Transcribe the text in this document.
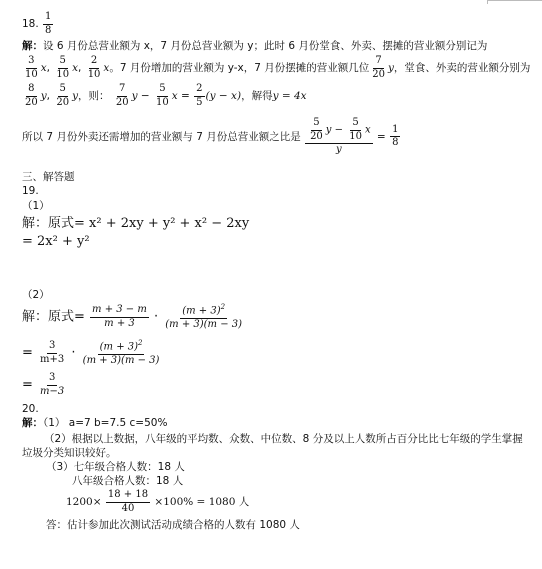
18. $\frac{1}{8}$
解：设 6 月份总营业额为 x，7 月份总营业额为 y；此时 6 月份堂食、外卖、摆摊的营业额分别记为
$\frac{3}{10} x$, $\frac{5}{10} x$, $\frac{2}{10}$ x。7 月份增加的营业额为 y-x，7 月份摆摊的营业额几位 $\frac{7}{20}$ y，堂食、外卖的营业额分别为
$\frac{8}{20} y$, $\frac{5}{20}$ y，则： $\frac{7}{20}$ $y - \frac{5}{10}$ $x = \frac{2}{5} (y - x)$，解得y = 4x
所以 7 月份外卖还需增加的营业额与 7 月份总营业额之比是 $\frac{\frac{5}{20} y - \frac{5}{10} x}{y} = \frac{1}{8}$
三、解答题
19.
（1）
解：原式= x² + 2xy + y² + x² − 2xy
= 2x² + y²
（2）
解：原式= $\frac{m + 3 - m}{m + 3} \cdot \frac{(m + 3)^2}{(m + 3)(m - 3)}$
= $\frac{3}{m+3} \cdot \frac{(m + 3)^2}{(m + 3)(m - 3)}$
= $\frac{3}{m-3}$
20.
解：（1） a=7 b=7.5 c=50%
（2）根据以上数据，八年级的平均数、众数、中位数、8 分及以上人数所占百分比比七年级的学生掌握
垃圾分类知识较好。
（3）七年级合格人数：18 人
八年级合格人数：18 人
$1200\times \frac{18 + 18}{40} \times 100\% = 1080$ 人
答：估计参加此次测试活动成绩合格的人数有 1080 人
